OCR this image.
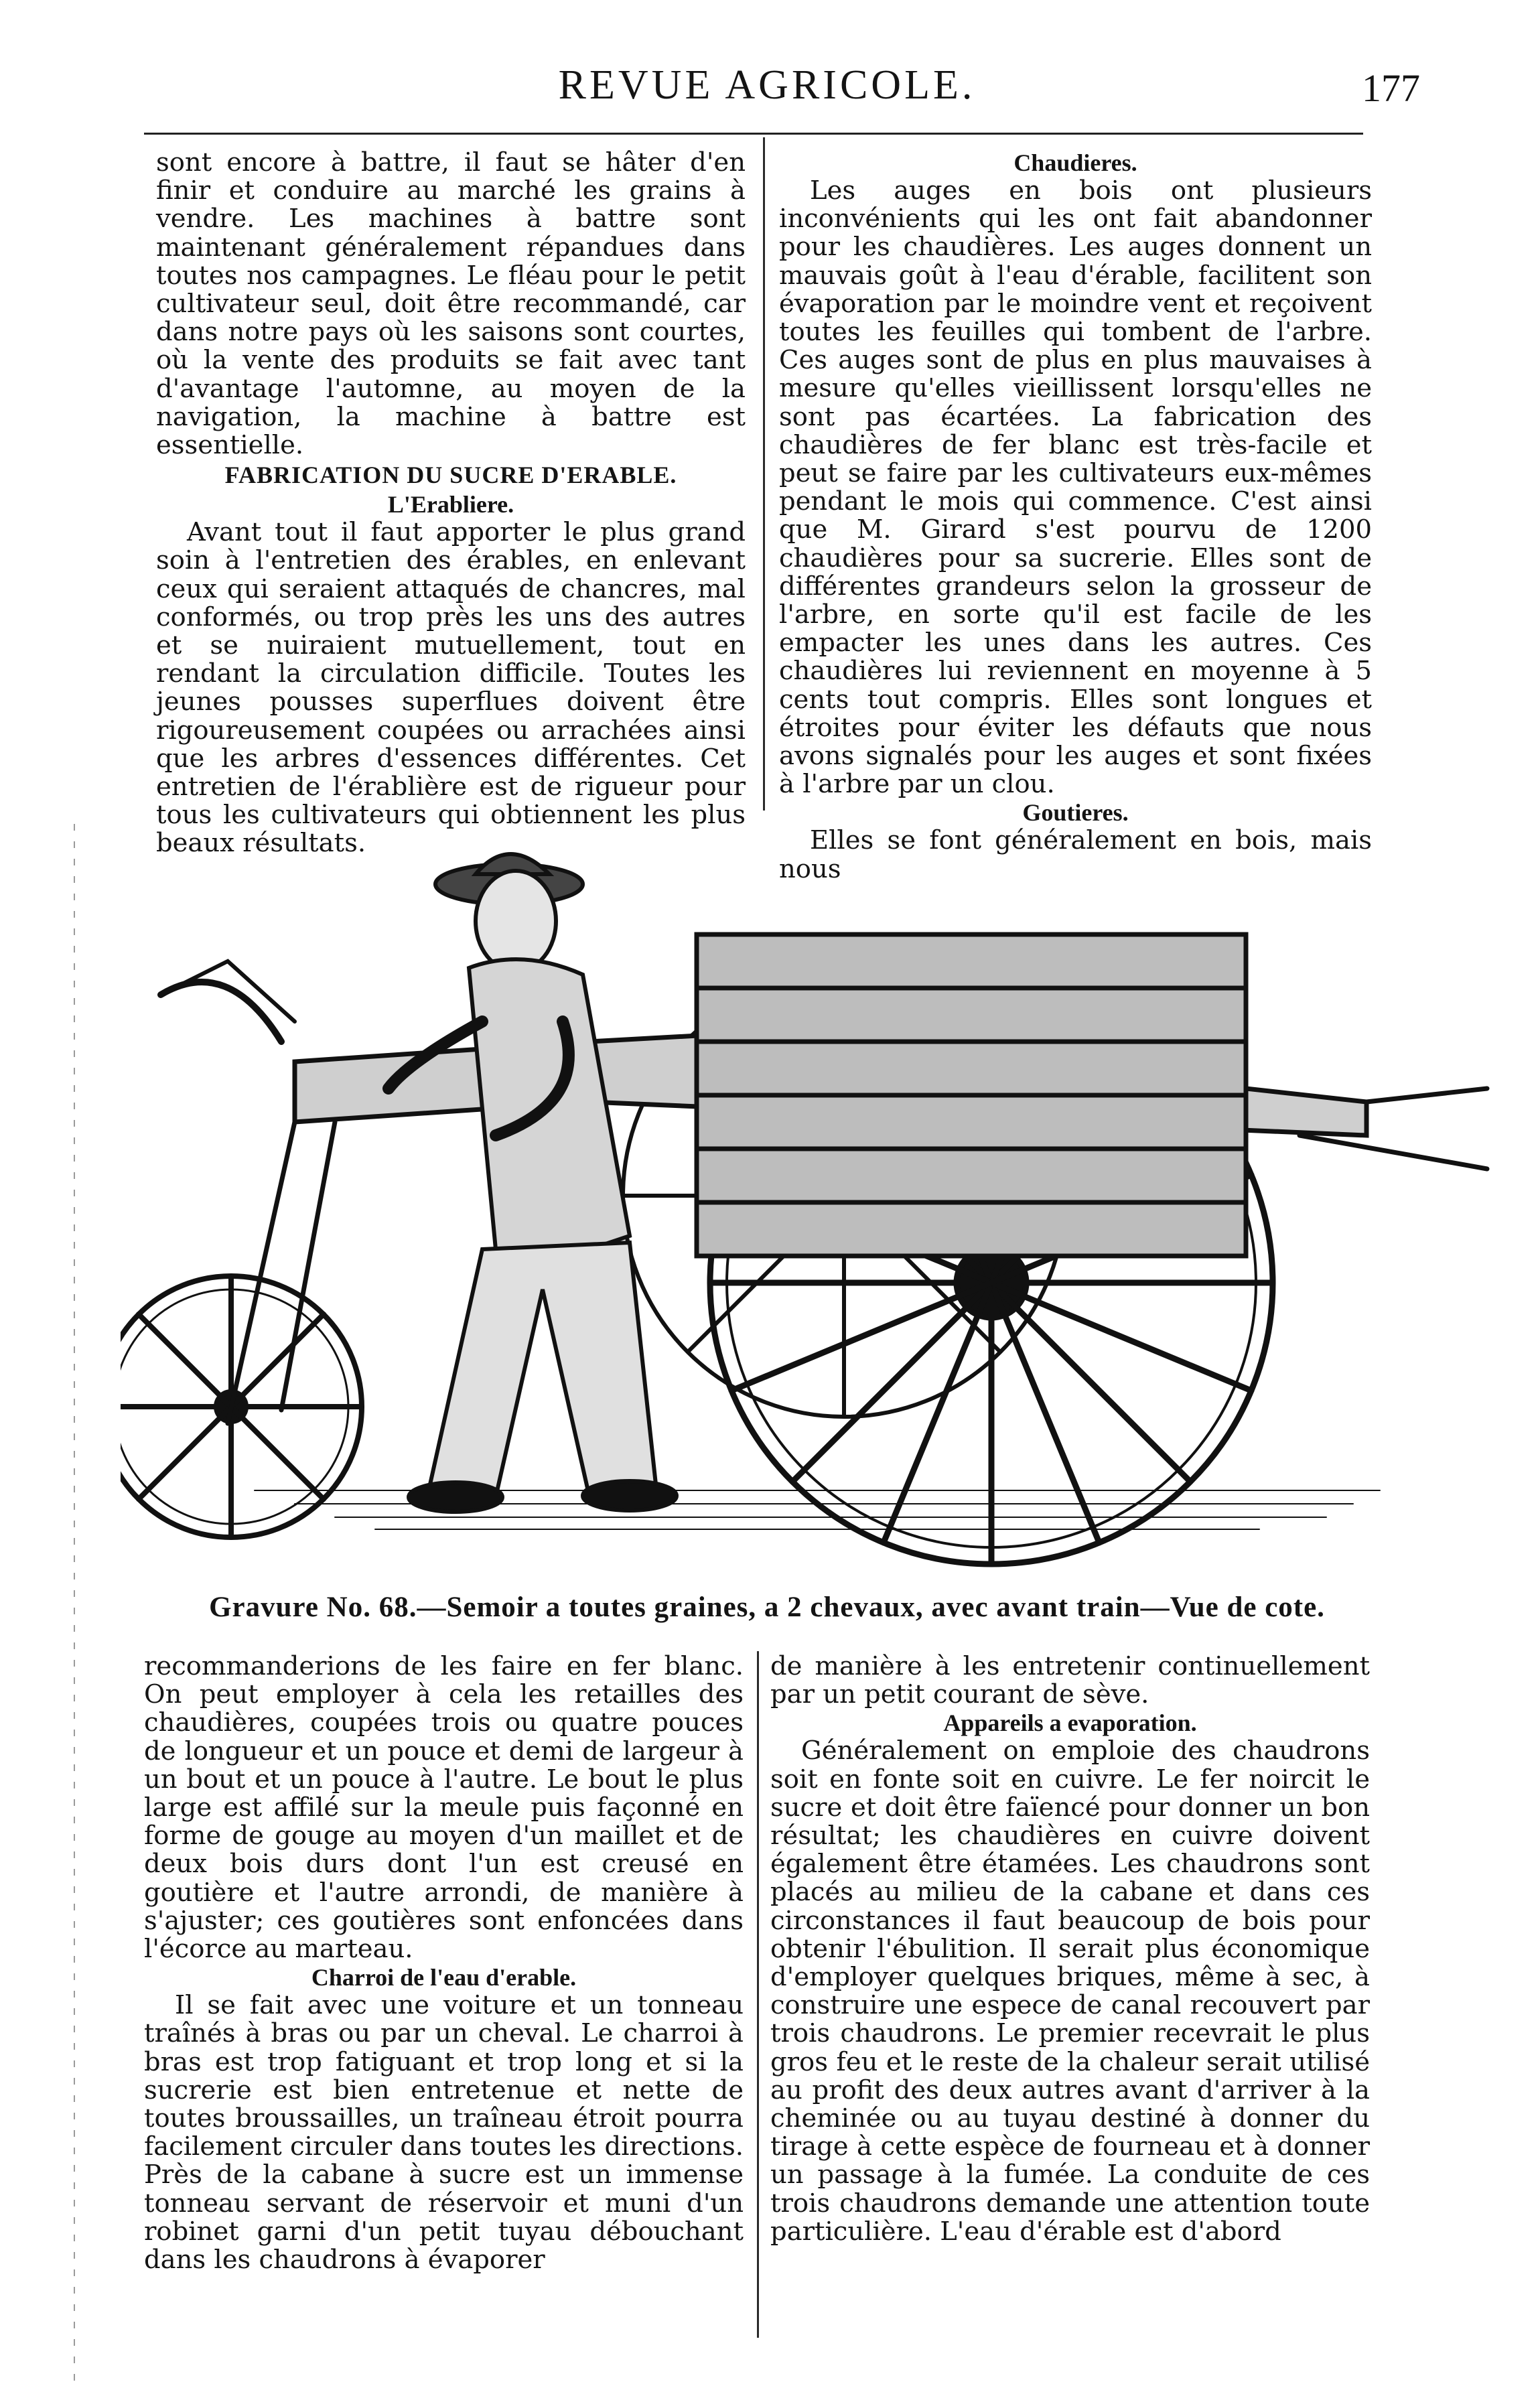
REVUE AGRICOLE.	177

sont encore à battre, il faut se hâter d'en finir et conduire au marché les grains à vendre. Les machines à battre sont maintenant généralement répandues dans toutes nos campagnes. Le fléau pour le petit cultivateur seul, doit être recommandé, car dans notre pays où les saisons sont courtes, où la vente des produits se fait avec tant d'avantage l'automne, au moyen de la navigation, la machine à battre est essentielle.

FABRICATION DU SUCRE D'ERABLE.
L'Erabliere.

Avant tout il faut apporter le plus grand soin à l'entretien des érables, en enlevant ceux qui seraient attaqués de chancres, mal conformés, ou trop près les uns des autres et se nuiraient mutuellement, tout en rendant la circulation difficile. Toutes les jeunes pousses superflues doivent être rigoureusement coupées ou arrachées ainsi que les arbres d'essences différentes. Cet entretien de l'érablière est de rigueur pour tous les cultivateurs qui obtiennent les plus beaux résultats.

Chaudieres.

Les auges en bois ont plusieurs inconvénients qui les ont fait abandonner pour les chaudières. Les auges donnent un mauvais goût à l'eau d'érable, facilitent son évaporation par le moindre vent et reçoivent toutes les feuilles qui tombent de l'arbre. Ces auges sont de plus en plus mauvaises à mesure qu'elles vieillissent lorsqu'elles ne sont pas écartées. La fabrication des chaudières de fer blanc est très-facile et peut se faire par les cultivateurs eux-mêmes pendant le mois qui commence. C'est ainsi que M. Girard s'est pourvu de 1200 chaudières pour sa sucrerie. Elles sont de différentes grandeurs selon la grosseur de l'arbre, en sorte qu'il est facile de les empacter les unes dans les autres. Ces chaudières lui reviennent en moyenne à 5 cents tout compris. Elles sont longues et étroites pour éviter les défauts que nous avons signalés pour les auges et sont fixées à l'arbre par un clou.

Goutieres.

Elles se font généralement en bois, mais nous

Gravure No. 68.—Semoir a toutes graines, a 2 chevaux, avec avant train—Vue de cote.

recommanderions de les faire en fer blanc. On peut employer à cela les retailles des chaudières, coupées trois ou quatre pouces de longueur et un pouce et demi de largeur à un bout et un pouce à l'autre. Le bout le plus large est affilé sur la meule puis façonné en forme de gouge au moyen d'un maillet et de deux bois durs dont l'un est creusé en goutière et l'autre arrondi, de manière à s'ajuster; ces goutières sont enfoncées dans l'écorce au marteau.

Charroi de l'eau d'erable.

Il se fait avec une voiture et un tonneau traînés à bras ou par un cheval. Le charroi à bras est trop fatiguant et trop long et si la sucrerie est bien entretenue et nette de toutes broussailles, un traîneau étroit pourra facilement circuler dans toutes les directions. Près de la cabane à sucre est un immense tonneau servant de réservoir et muni d'un robinet garni d'un petit tuyau débouchant dans les chaudrons à évaporer

de manière à les entretenir continuellement par un petit courant de sève.

Appareils a evaporation.

Généralement on emploie des chaudrons soit en fonte soit en cuivre. Le fer noircit le sucre et doit être faïencé pour donner un bon résultat; les chaudières en cuivre doivent également être étamées. Les chaudrons sont placés au milieu de la cabane et dans ces circonstances il faut beaucoup de bois pour obtenir l'ébulition. Il serait plus économique d'employer quelques briques, même à sec, à construire une espece de canal recouvert par trois chaudrons. Le premier recevrait le plus gros feu et le reste de la chaleur serait utilisé au profit des deux autres avant d'arriver à la cheminée ou au tuyau destiné à donner du tirage à cette espèce de fourneau et à donner un passage à la fumée. La conduite de ces trois chaudrons demande une attention toute particulière. L'eau d'érable est d'abord
